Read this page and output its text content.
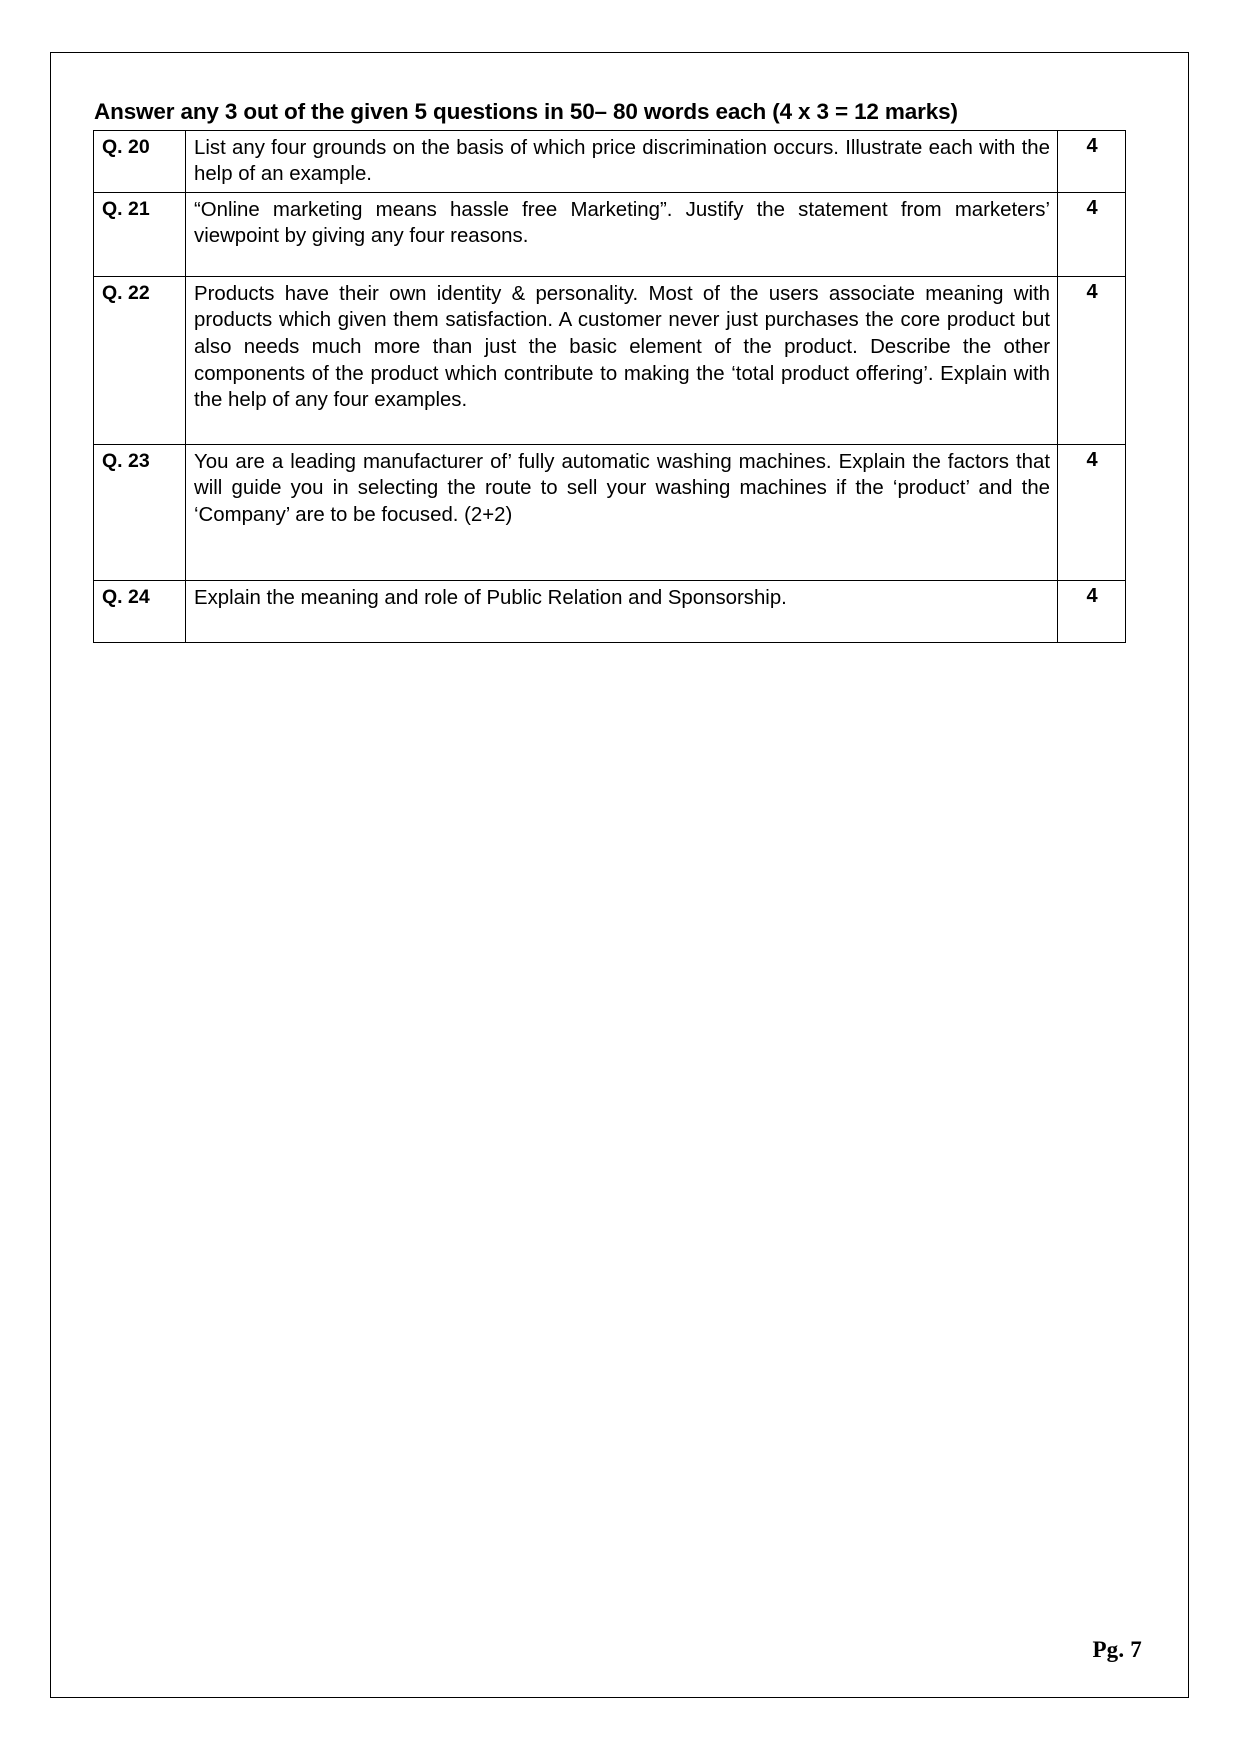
Answer any 3 out of the given 5 questions in 50– 80 words each (4 x 3 = 12 marks)
Q. 20	List any four grounds on the basis of which price discrimination occurs. Illustrate each with the help of an example.	4
Q. 21	“Online marketing means hassle free Marketing”. Justify the statement from marketers’ viewpoint by giving any four reasons.	4
Q. 22	Products have their own identity & personality. Most of the users associate meaning with products which given them satisfaction. A customer never just purchases the core product but also needs much more than just the basic element of the product. Describe the other components of the product which contribute to making the ‘total product offering’. Explain with the help of any four examples.	4
Q. 23	You are a leading manufacturer of’ fully automatic washing machines. Explain the factors that will guide you in selecting the route to sell your washing machines if the ‘product’ and the ‘Company’ are to be focused. (2+2)	4
Q. 24	Explain the meaning and role of Public Relation and Sponsorship.	4
Pg. 7
